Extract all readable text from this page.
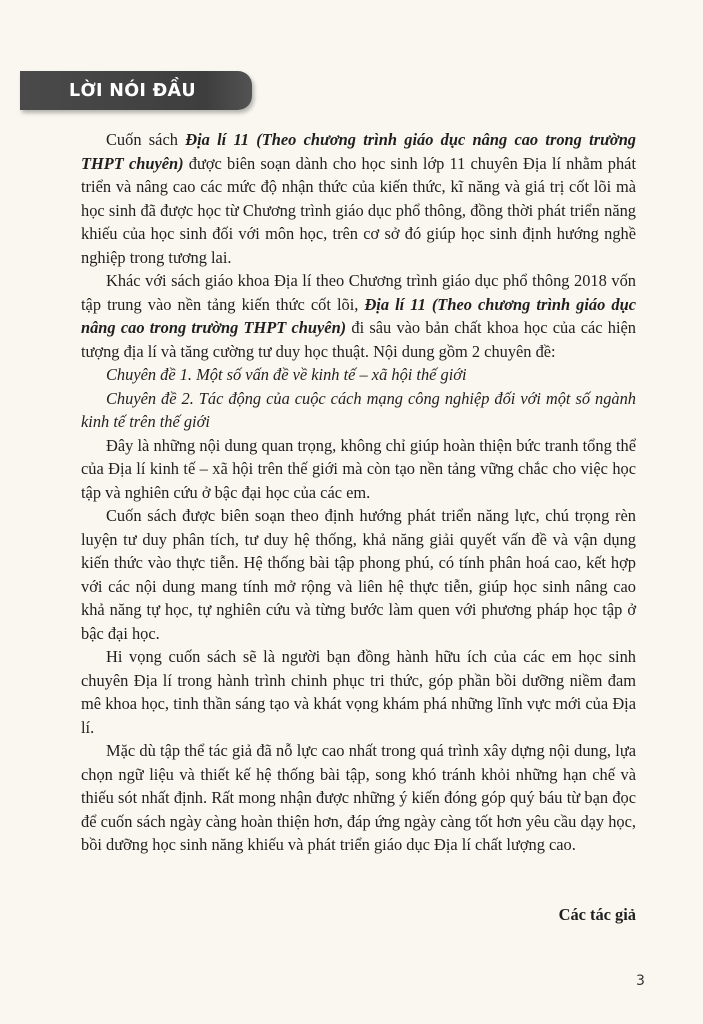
LỜI NÓI ĐẦU

Cuốn sách Địa lí 11 (Theo chương trình giáo dục nâng cao trong trường THPT chuyên) được biên soạn dành cho học sinh lớp 11 chuyên Địa lí nhằm phát triển và nâng cao các mức độ nhận thức của kiến thức, kĩ năng và giá trị cốt lõi mà học sinh đã được học từ Chương trình giáo dục phổ thông, đồng thời phát triển năng khiếu của học sinh đối với môn học, trên cơ sở đó giúp học sinh định hướng nghề nghiệp trong tương lai.

Khác với sách giáo khoa Địa lí theo Chương trình giáo dục phổ thông 2018 vốn tập trung vào nền tảng kiến thức cốt lõi, Địa lí 11 (Theo chương trình giáo dục nâng cao trong trường THPT chuyên) đi sâu vào bản chất khoa học của các hiện tượng địa lí và tăng cường tư duy học thuật. Nội dung gồm 2 chuyên đề:

Chuyên đề 1. Một số vấn đề về kinh tế – xã hội thế giới

Chuyên đề 2. Tác động của cuộc cách mạng công nghiệp đối với một số ngành kinh tế trên thế giới

Đây là những nội dung quan trọng, không chỉ giúp hoàn thiện bức tranh tổng thể của Địa lí kinh tế – xã hội trên thế giới mà còn tạo nền tảng vững chắc cho việc học tập và nghiên cứu ở bậc đại học của các em.

Cuốn sách được biên soạn theo định hướng phát triển năng lực, chú trọng rèn luyện tư duy phân tích, tư duy hệ thống, khả năng giải quyết vấn đề và vận dụng kiến thức vào thực tiễn. Hệ thống bài tập phong phú, có tính phân hoá cao, kết hợp với các nội dung mang tính mở rộng và liên hệ thực tiễn, giúp học sinh nâng cao khả năng tự học, tự nghiên cứu và từng bước làm quen với phương pháp học tập ở bậc đại học.

Hi vọng cuốn sách sẽ là người bạn đồng hành hữu ích của các em học sinh chuyên Địa lí trong hành trình chinh phục tri thức, góp phần bồi dưỡng niềm đam mê khoa học, tinh thần sáng tạo và khát vọng khám phá những lĩnh vực mới của Địa lí.

Mặc dù tập thể tác giả đã nỗ lực cao nhất trong quá trình xây dựng nội dung, lựa chọn ngữ liệu và thiết kế hệ thống bài tập, song khó tránh khỏi những hạn chế và thiếu sót nhất định. Rất mong nhận được những ý kiến đóng góp quý báu từ bạn đọc để cuốn sách ngày càng hoàn thiện hơn, đáp ứng ngày càng tốt hơn yêu cầu dạy học, bồi dưỡng học sinh năng khiếu và phát triển giáo dục Địa lí chất lượng cao.

Các tác giả

3
